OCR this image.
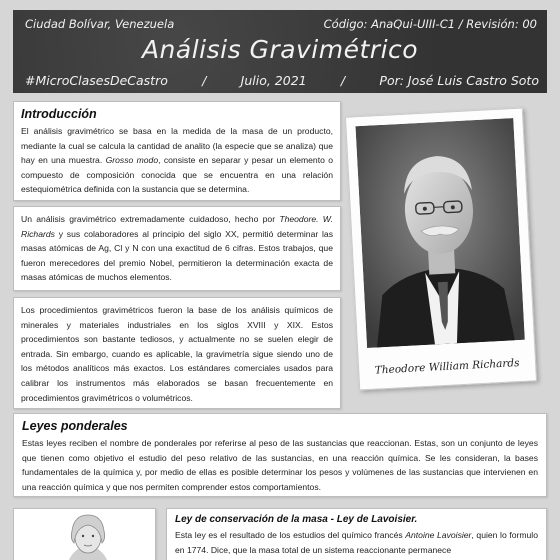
Ciudad Bolívar, Venezuela	Código: AnaQui-UIII-C1 / Revisión: 00
Análisis Gravimétrico
#MicroClasesDeCastro	/	Julio, 2021	/	Por: José Luis Castro Soto
Introducción

El análisis gravimétrico se basa en la medida de la masa de un producto, mediante la cual se calcula la cantidad de analito (la especie que se analiza) que hay en una muestra. Grosso modo, consiste en separar y pesar un elemento o compuesto de composición conocida que se encuentra en una relación estequiométrica definida con la sustancia que se determina.

Un análisis gravimétrico extremadamente cuidadoso, hecho por Theodore. W. Richards y sus colaboradores al principio del siglo XX, permitió determinar las masas atómicas de Ag, Cl y N con una exactitud de 6 cifras. Estos trabajos, que fueron merecedores del premio Nobel, permitieron la determinación exacta de masas atómicas de muchos elementos.

Los procedimientos gravimétricos fueron la base de los análisis químicos de minerales y materiales industriales en los siglos XVIII y XIX. Estos procedimientos son bastante tediosos, y actualmente no se suelen elegir de entrada. Sin embargo, cuando es aplicable, la gravimetría sigue siendo uno de los métodos analíticos más exactos. Los estándares comerciales usados para calibrar los instrumentos más elaborados se basan frecuentemente en procedimientos gravimétricos o volumétricos.

Theodore William Richards
Leyes ponderales

Estas leyes reciben el nombre de ponderales por referirse al peso de las sustancias que reaccionan. Estas, son un conjunto de leyes que tienen como objetivo el estudio del peso relativo de las sustancias, en una reacción química. Se les consideran, la bases fundamentales de la química y, por medio de ellas es posible determinar los pesos y volúmenes de las sustancias que intervienen en una reacción química y que nos permiten comprender estos comportamientos.

Ley de conservación de la masa - Ley de Lavoisier.

Esta ley es el resultado de los estudios del químico francés Antoine Lavoisier, quien lo formulo en 1774. Dice, que la masa total de un sistema reaccionante permanece
